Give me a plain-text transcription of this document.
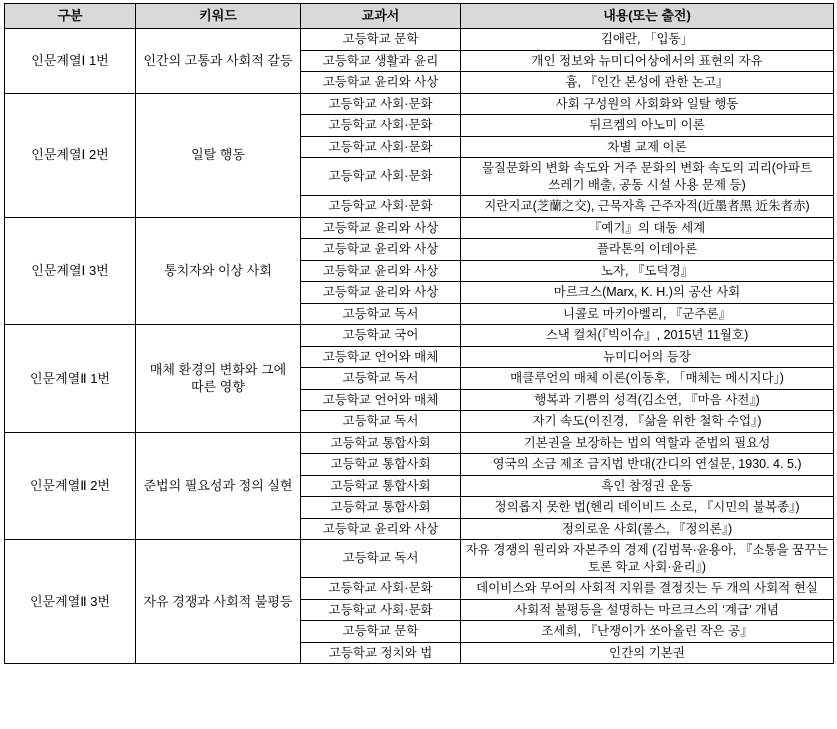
구분	키워드	교과서	내용(또는 출전)
인문계열Ⅰ 1번	인간의 고통과 사회적 갈등	고등학교 문학	김애란, 「입동」
		고등학교 생활과 윤리	개인 정보와 뉴미디어상에서의 표현의 자유
		고등학교 윤리와 사상	흄, 『인간 본성에 관한 논고』
인문계열Ⅰ 2번	일탈 행동	고등학교 사회·문화	사회 구성원의 사회화와 일탈 행동
		고등학교 사회·문화	뒤르켐의 아노미 이론
		고등학교 사회·문화	차별 교제 이론
		고등학교 사회·문화	물질문화의 변화 속도와 거주 문화의 변화 속도의 괴리(아파트 쓰레기 배출, 공동 시설 사용 문제 등)
		고등학교 사회·문화	지란지교(芝蘭之交), 근묵자흑 근주자적(近墨者黑 近朱者赤)
인문계열Ⅰ 3번	통치자와 이상 사회	고등학교 윤리와 사상	『예기』의 대동 세계
		고등학교 윤리와 사상	플라톤의 이데아론
		고등학교 윤리와 사상	노자, 『도덕경』
		고등학교 윤리와 사상	마르크스(Marx, K. H.)의 공산 사회
		고등학교 독서	니콜로 마키아벨리, 『군주론』
인문계열Ⅱ 1번	매체 환경의 변화와 그에 따른 영향	고등학교 국어	스낵 컬처(『빅이슈』, 2015년 11월호)
		고등학교 언어와 매체	뉴미디어의 등장
		고등학교 독서	매클루언의 매체 이론(이동후, 「매체는 메시지다」)
		고등학교 언어와 매체	행복과 기쁨의 성격(김소연, 『마음 사전』)
		고등학교 독서	자기 속도(이진경, 『삶을 위한 철학 수업』)
인문계열Ⅱ 2번	준법의 필요성과 정의 실현	고등학교 통합사회	기본권을 보장하는 법의 역할과 준법의 필요성
		고등학교 통합사회	영국의 소금 제조 금지법 반대(간디의 연설문, 1930. 4. 5.)
		고등학교 통합사회	흑인 참정권 운동
		고등학교 통합사회	정의롭지 못한 법(헨리 데이비드 소로, 『시민의 불복종』)
		고등학교 윤리와 사상	정의로운 사회(롤스, 『정의론』)
인문계열Ⅱ 3번	자유 경쟁과 사회적 불평등	고등학교 독서	자유 경쟁의 원리와 자본주의 경제 (김범묵·윤용아, 『소통을 꿈꾸는 토론 학교 사회·윤리』)
		고등학교 사회·문화	데이비스와 무어의 사회적 지위를 결정짓는 두 개의 사회적 현실
		고등학교 사회·문화	사회적 불평등을 설명하는 마르크스의 ‘계급’ 개념
		고등학교 문학	조세희, 『난쟁이가 쏘아올린 작은 공』
		고등학교 정치와 법	인간의 기본권
